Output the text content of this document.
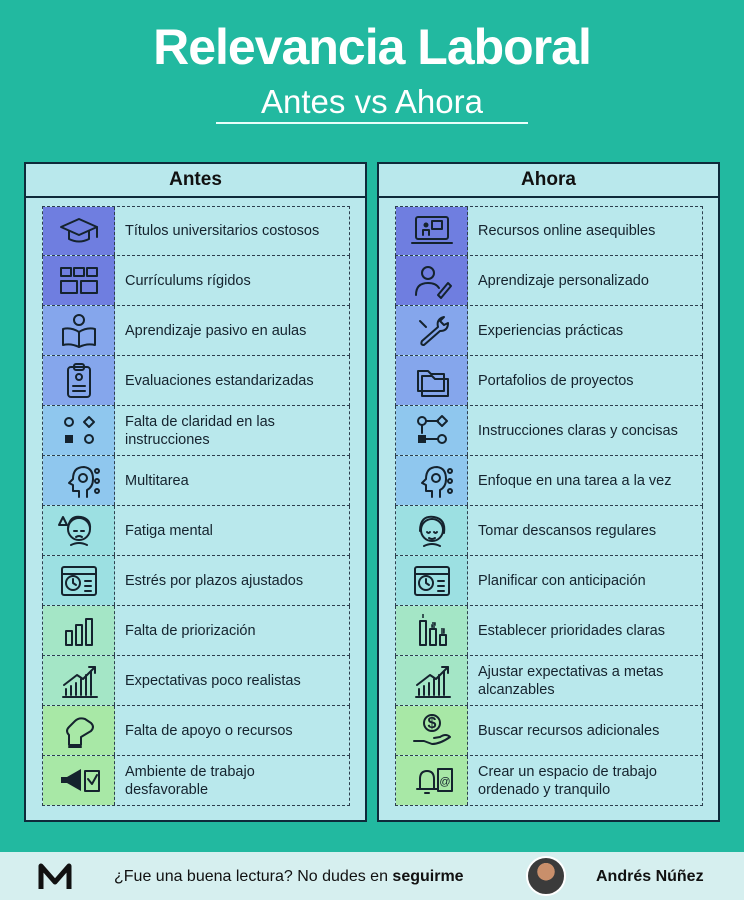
Relevancia Laboral
Antes vs Ahora
Antes
Títulos universitarios costosos
Currículums rígidos
Aprendizaje pasivo en aulas
Evaluaciones estandarizadas
Falta de claridad en las instrucciones
Multitarea
Fatiga mental
Estrés por plazos ajustados
Falta de priorización
Expectativas poco realistas
Falta de apoyo o recursos
Ambiente de trabajo desfavorable
Ahora
Recursos online asequibles
Aprendizaje personalizado
Experiencias prácticas
Portafolios de proyectos
Instrucciones claras y concisas
Enfoque en una tarea a la vez
Tomar descansos regulares
Planificar con anticipación
Establecer prioridades claras
Ajustar expectativas a metas alcanzables
$	Buscar recursos adicionales
@
Crear un espacio de trabajo ordenado y tranquilo
¿Fue una buena lectura? No dudes en seguirme	Andrés Núñez
